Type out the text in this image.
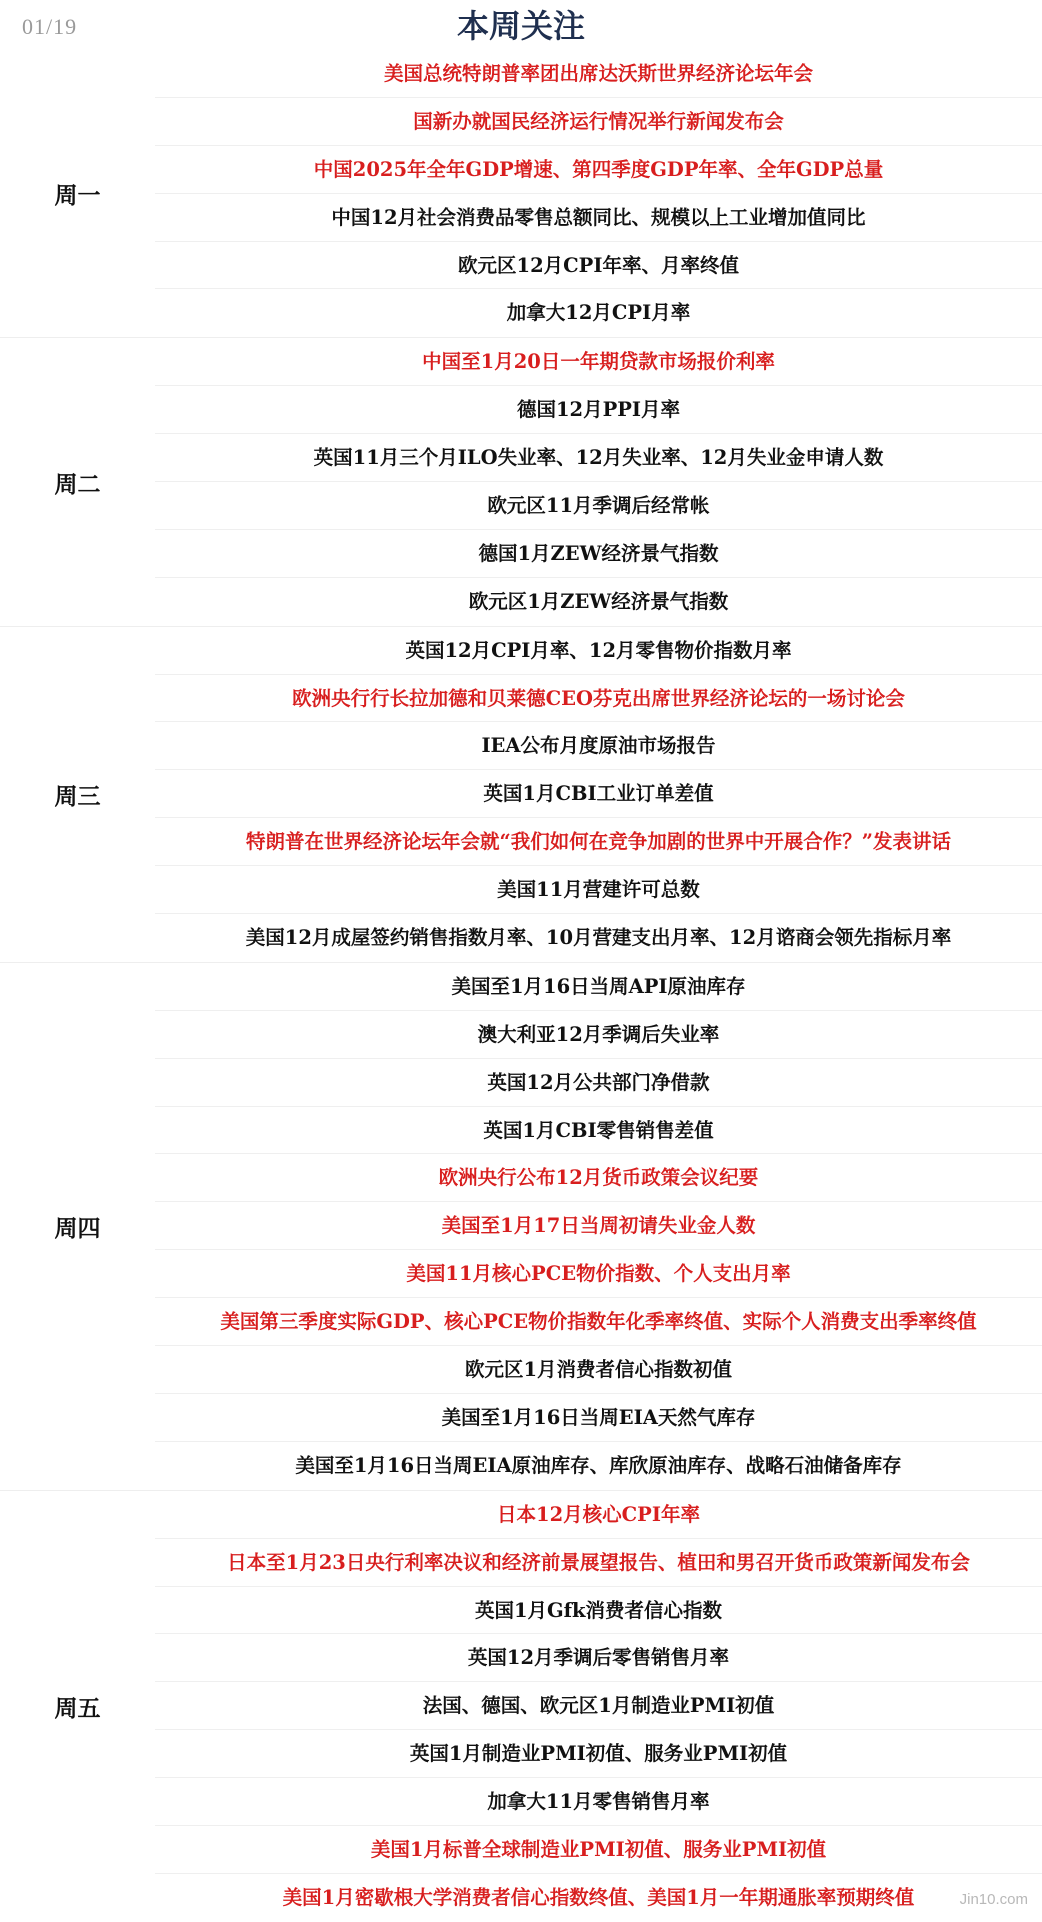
01/19	本周关注
周一
美国总统特朗普率团出席达沃斯世界经济论坛年会
国新办就国民经济运行情况举行新闻发布会
中国2025年全年GDP增速、第四季度GDP年率、全年GDP总量
中国12月社会消费品零售总额同比、规模以上工业增加值同比
欧元区12月CPI年率、月率终值
加拿大12月CPI月率
周二
中国至1月20日一年期贷款市场报价利率
德国12月PPI月率
英国11月三个月ILO失业率、12月失业率、12月失业金申请人数
欧元区11月季调后经常帐
德国1月ZEW经济景气指数
欧元区1月ZEW经济景气指数
周三
英国12月CPI月率、12月零售物价指数月率
欧洲央行行长拉加德和贝莱德CEO芬克出席世界经济论坛的一场讨论会
IEA公布月度原油市场报告
英国1月CBI工业订单差值
特朗普在世界经济论坛年会就“我们如何在竞争加剧的世界中开展合作？”发表讲话
美国11月营建许可总数
美国12月成屋签约销售指数月率、10月营建支出月率、12月谘商会领先指标月率
周四
美国至1月16日当周API原油库存
澳大利亚12月季调后失业率
英国12月公共部门净借款
英国1月CBI零售销售差值
欧洲央行公布12月货币政策会议纪要
美国至1月17日当周初请失业金人数
美国11月核心PCE物价指数、个人支出月率
美国第三季度实际GDP、核心PCE物价指数年化季率终值、实际个人消费支出季率终值
欧元区1月消费者信心指数初值
美国至1月16日当周EIA天然气库存
美国至1月16日当周EIA原油库存、库欣原油库存、战略石油储备库存
周五
日本12月核心CPI年率
日本至1月23日央行利率决议和经济前景展望报告、植田和男召开货币政策新闻发布会
英国1月Gfk消费者信心指数
英国12月季调后零售销售月率
法国、德国、欧元区1月制造业PMI初值
英国1月制造业PMI初值、服务业PMI初值
加拿大11月零售销售月率
美国1月标普全球制造业PMI初值、服务业PMI初值
美国1月密歇根大学消费者信心指数终值、美国1月一年期通胀率预期终值	Jin10.com
